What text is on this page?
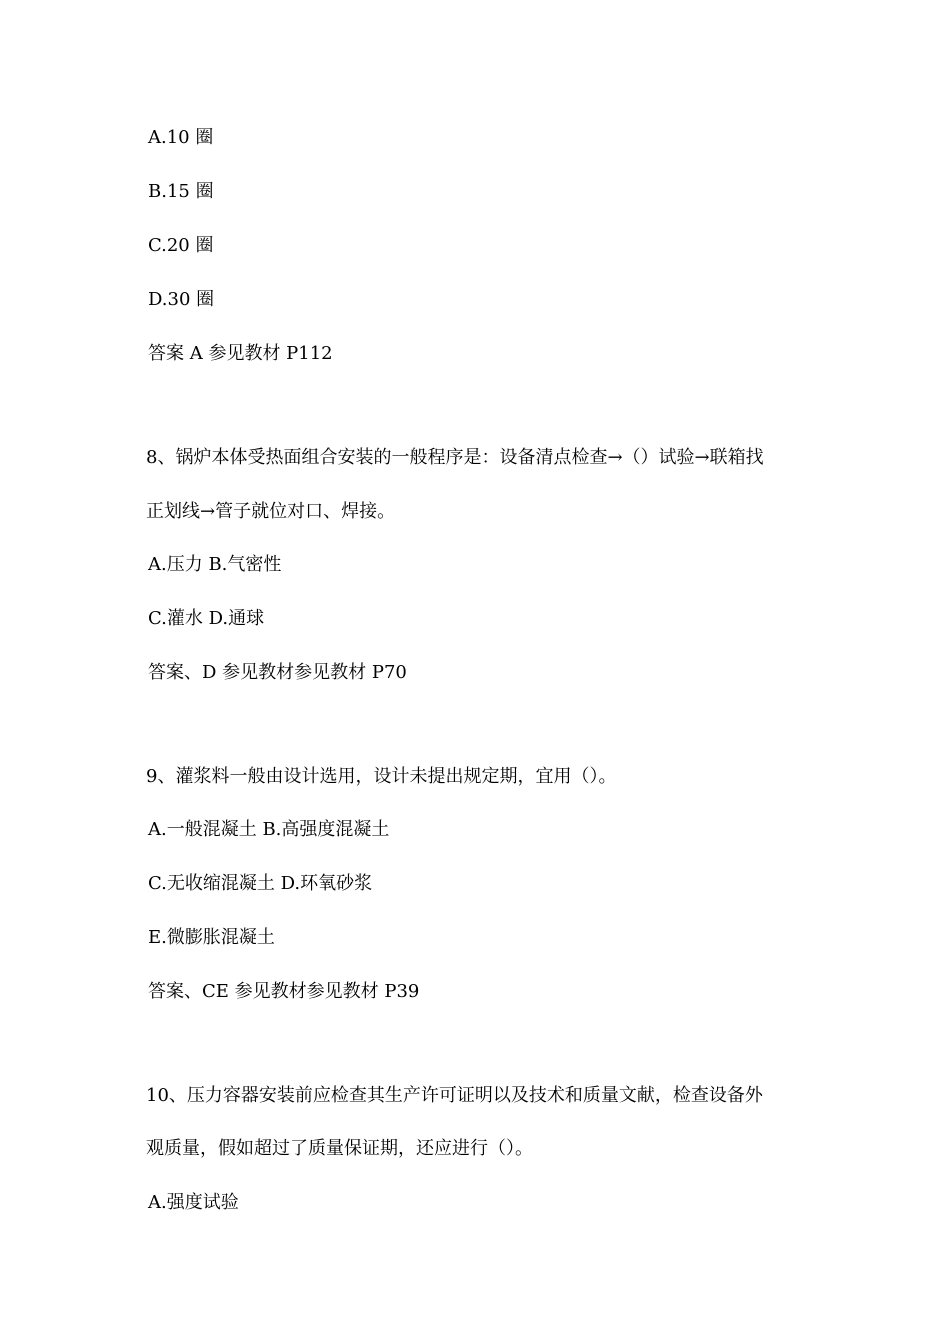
A.10 圈
B.15 圈
C.20 圈
D.30 圈
答案 A 参见教材 P112
8、锅炉本体受热面组合安装的一般程序是：设备清点检查→（）试验→联箱找
正划线→管子就位对口、焊接。
A.压力 B.气密性
C.灌水 D.通球
答案、D 参见教材参见教材 P70
9、灌浆料一般由设计选用，设计未提出规定期，宜用（）。
A.一般混凝土 B.高强度混凝土
C.无收缩混凝土 D.环氧砂浆
E.微膨胀混凝土
答案、CE 参见教材参见教材 P39
10、压力容器安装前应检查其生产许可证明以及技术和质量文献，检查设备外
观质量，假如超过了质量保证期，还应进行（）。
A.强度试验
